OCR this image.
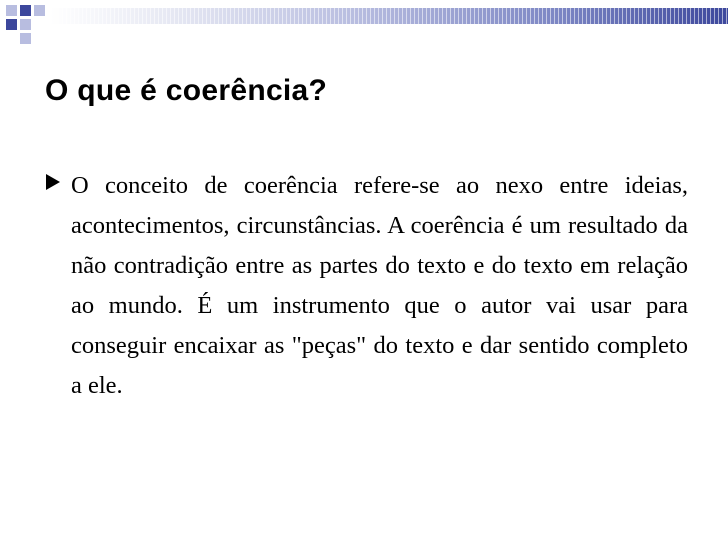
O que é coerência?

O conceito de coerência refere-se ao nexo entre ideias, acontecimentos, circunstâncias. A coerência é um resultado da não contradição entre as partes do texto e do texto em relação ao mundo. É um instrumento que o autor vai usar para conseguir encaixar as "peças" do texto e dar sentido completo a ele.
